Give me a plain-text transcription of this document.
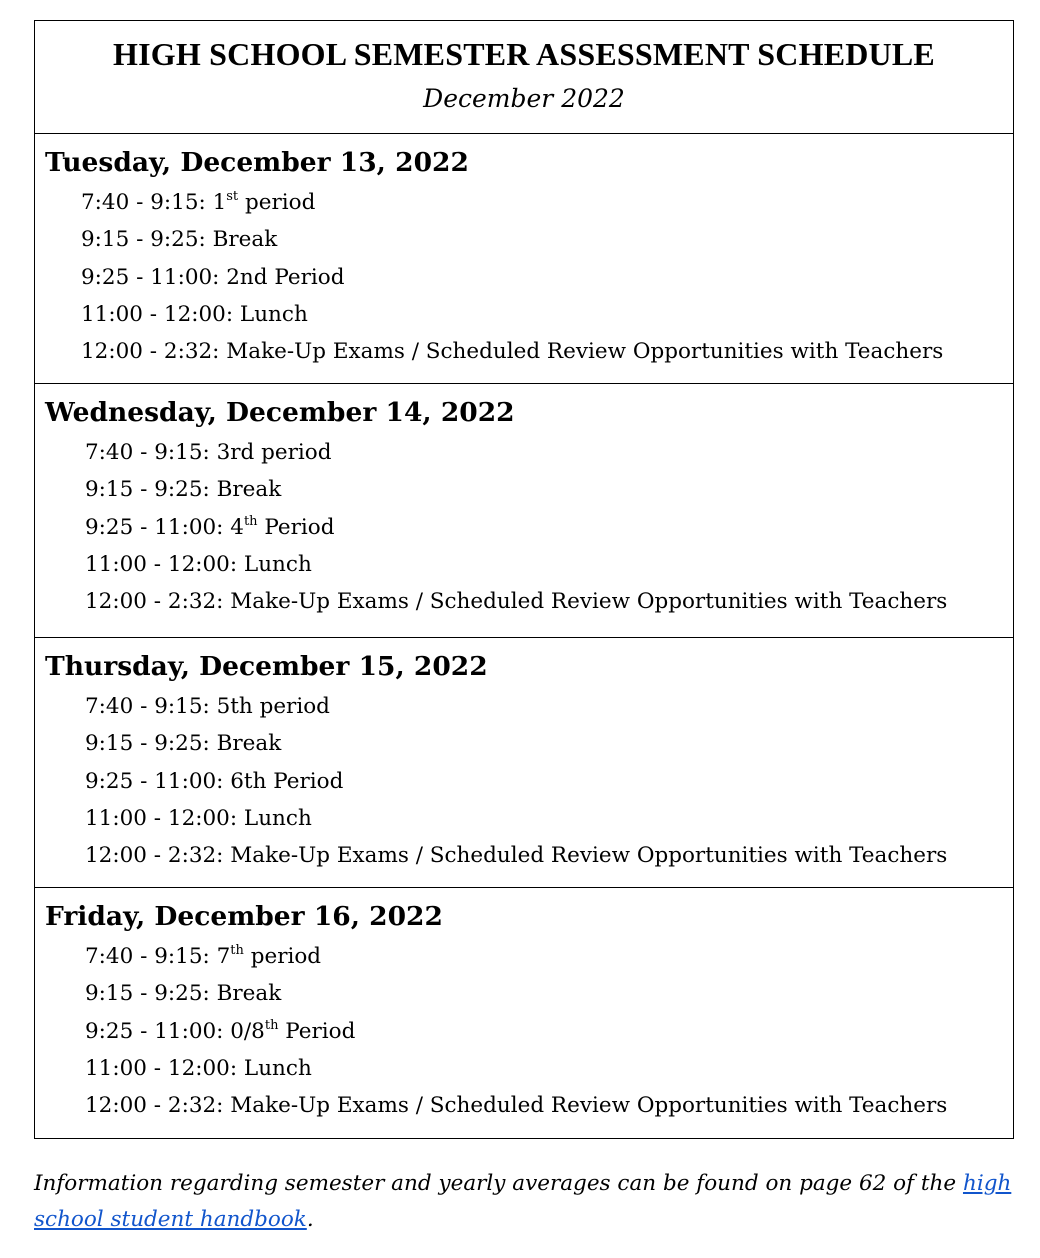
HIGH SCHOOL SEMESTER ASSESSMENT SCHEDULE
December 2022
Tuesday, December 13, 2022
7:40 - 9:15: 1st period
9:15 - 9:25: Break
9:25 - 11:00: 2nd Period
11:00 - 12:00: Lunch
12:00 - 2:32: Make-Up Exams / Scheduled Review Opportunities with Teachers
Wednesday, December 14, 2022
7:40 - 9:15: 3rd period
9:15 - 9:25: Break
9:25 - 11:00: 4th Period
11:00 - 12:00: Lunch
12:00 - 2:32: Make-Up Exams / Scheduled Review Opportunities with Teachers
Thursday, December 15, 2022
7:40 - 9:15: 5th period
9:15 - 9:25: Break
9:25 - 11:00: 6th Period
11:00 - 12:00: Lunch
12:00 - 2:32: Make-Up Exams / Scheduled Review Opportunities with Teachers
Friday, December 16, 2022
7:40 - 9:15: 7th period
9:15 - 9:25: Break
9:25 - 11:00: 0/8th Period
11:00 - 12:00: Lunch
12:00 - 2:32: Make-Up Exams / Scheduled Review Opportunities with Teachers

Information regarding semester and yearly averages can be found on page 62 of the high school student handbook.
